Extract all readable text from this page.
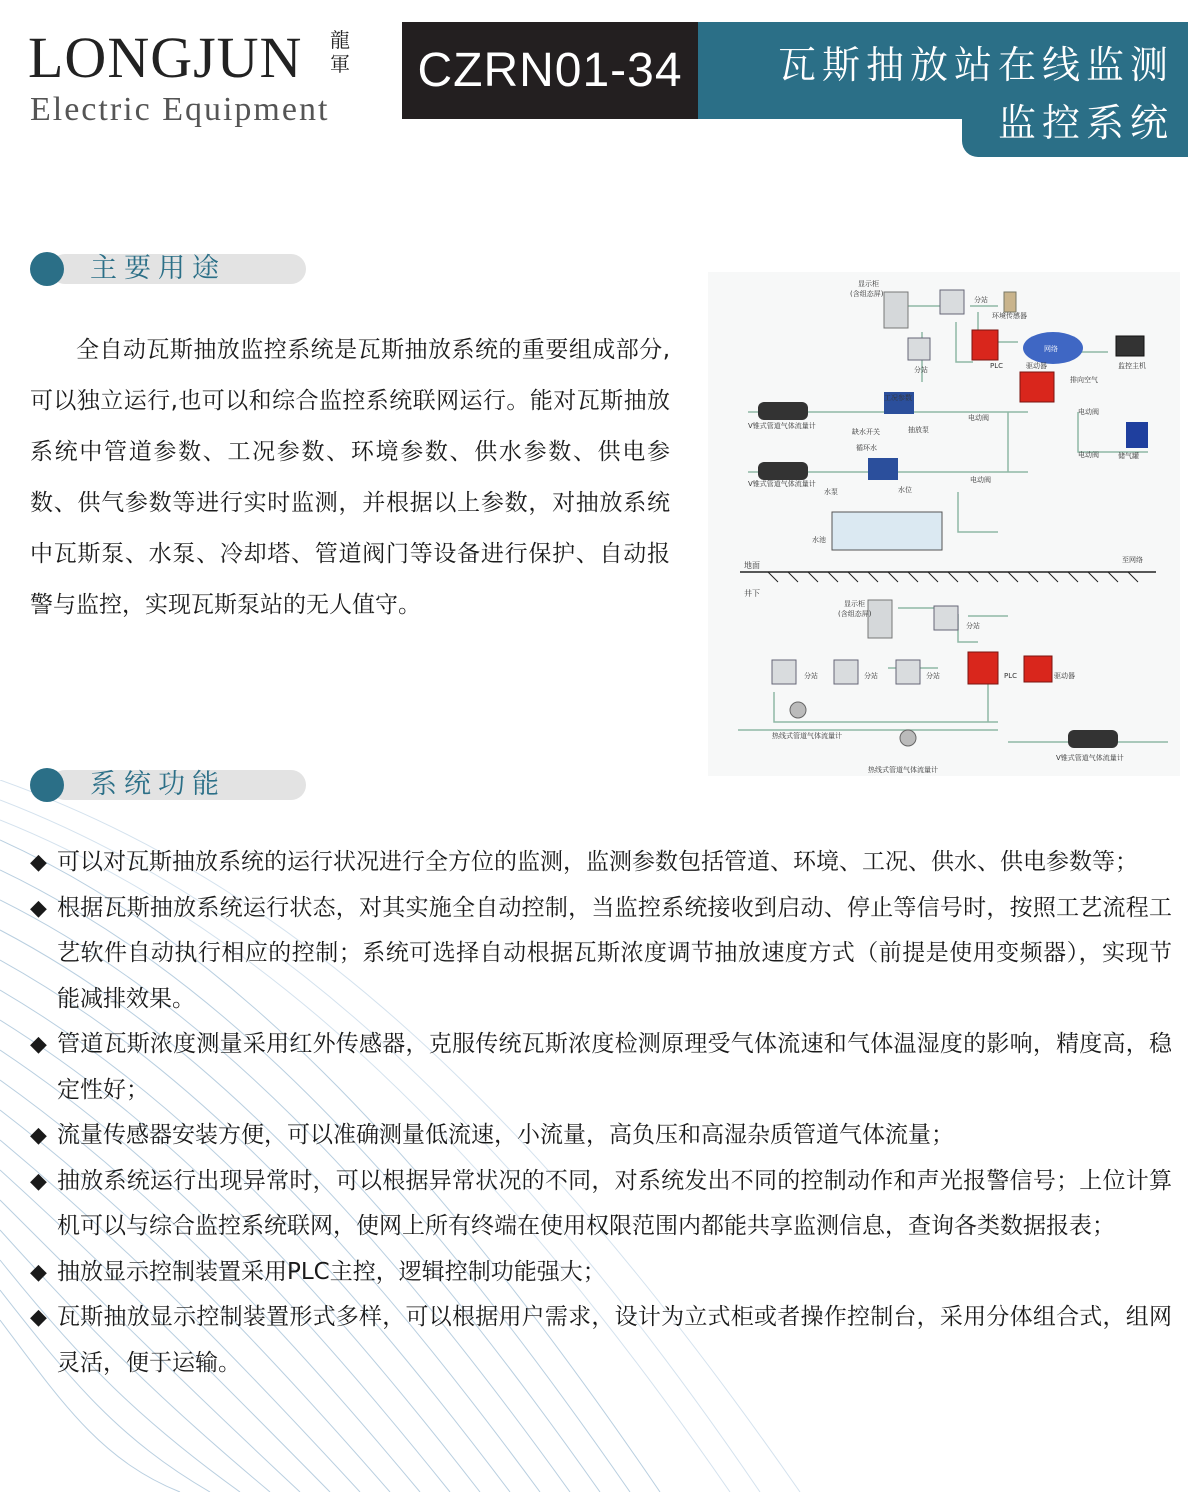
LONGJUN 龍軍
Electric Equipment
CZRN01-34	瓦斯抽放站在线监测
监控系统
主要用途

全自动瓦斯抽放监控系统是瓦斯抽放系统的重要组成部分,可以独立运行,也可以和综合监控系统联网运行。能对瓦斯抽放系统中管道参数、工况参数、环境参数、供水参数、供电参数、供气参数等进行实时监测，并根据以上参数，对抽放系统中瓦斯泵、水泵、冷却塔、管道阀门等设备进行保护、自动报警与监控，实现瓦斯泵站的无人值守。

显示柜
(含组态屏)
分站
环境传感器
分站	PLC
网络
监控主机
驱动器
排向空气
电动阀
电动阀	储气罐
工况参数
抽放泵
电动阀
电动阀
缺水开关
循环水
水泵	水位
V锥式管道气体流量计
V锥式管道气体流量计
水池
地面
井下
至网络
显示柜
(含组态屏)
分站
分站	分站	分站	PLC	驱动器
热线式管道气体流量计
热线式管道气体流量计
V锥式管道气体流量计
系统功能
◆ 可以对瓦斯抽放系统的运行状况进行全方位的监测，监测参数包括管道、环境、工况、供水、供电参数等；
◆ 根据瓦斯抽放系统运行状态，对其实施全自动控制，当监控系统接收到启动、停止等信号时，按照工艺流程工艺软件自动执行相应的控制；系统可选择自动根据瓦斯浓度调节抽放速度方式（前提是使用变频器），实现节能减排效果。
◆ 管道瓦斯浓度测量采用红外传感器，克服传统瓦斯浓度检测原理受气体流速和气体温湿度的影响，精度高，稳定性好；
◆ 流量传感器安装方便，可以准确测量低流速，小流量，高负压和高湿杂质管道气体流量；
◆ 抽放系统运行出现异常时，可以根据异常状况的不同，对系统发出不同的控制动作和声光报警信号；上位计算机可以与综合监控系统联网，使网上所有终端在使用权限范围内都能共享监测信息，查询各类数据报表；
◆ 抽放显示控制装置采用PLC主控，逻辑控制功能强大；
◆ 瓦斯抽放显示控制装置形式多样，可以根据用户需求，设计为立式柜或者操作控制台，采用分体组合式，组网灵活，便于运输。
